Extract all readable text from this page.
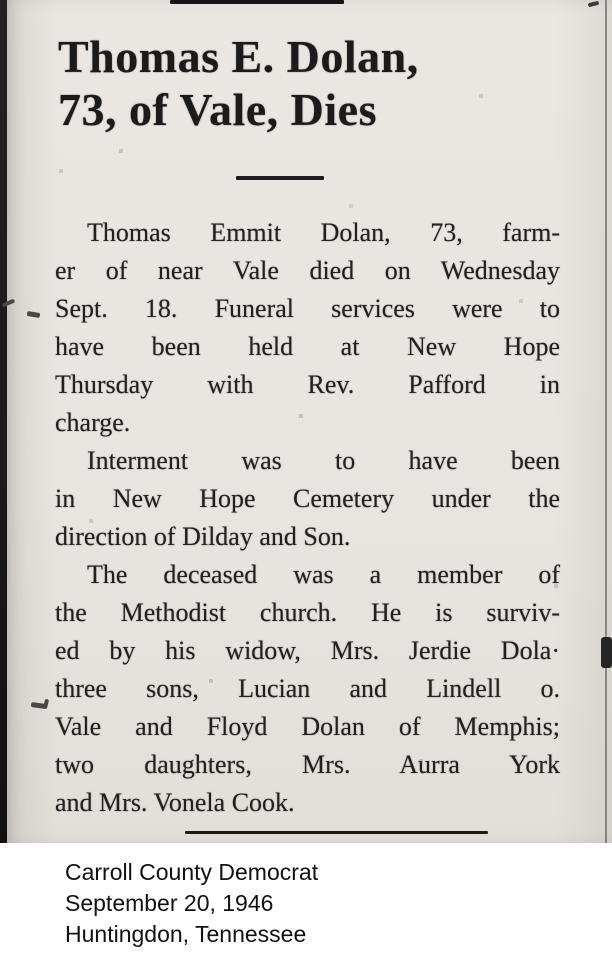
Thomas E. Dolan,
73, of Vale, Dies

Thomas Emmit Dolan, 73, farm-
er of near Vale died on Wednesday
Sept. 18. Funeral services were to
have been held at New Hope
Thursday with Rev. Pafford in
charge.

Interment was to have been
in New Hope Cemetery under the
direction of Dilday and Son.

The deceased was a member of
the Methodist church. He is surviv-
ed by his widow, Mrs. Jerdie Dola·
three sons, Lucian and Lindell o.
Vale and Floyd Dolan of Memphis;
two daughters, Mrs. Aurra York
and Mrs. Vonela Cook.

Carroll County Democrat
September 20, 1946
Huntingdon, Tennessee
